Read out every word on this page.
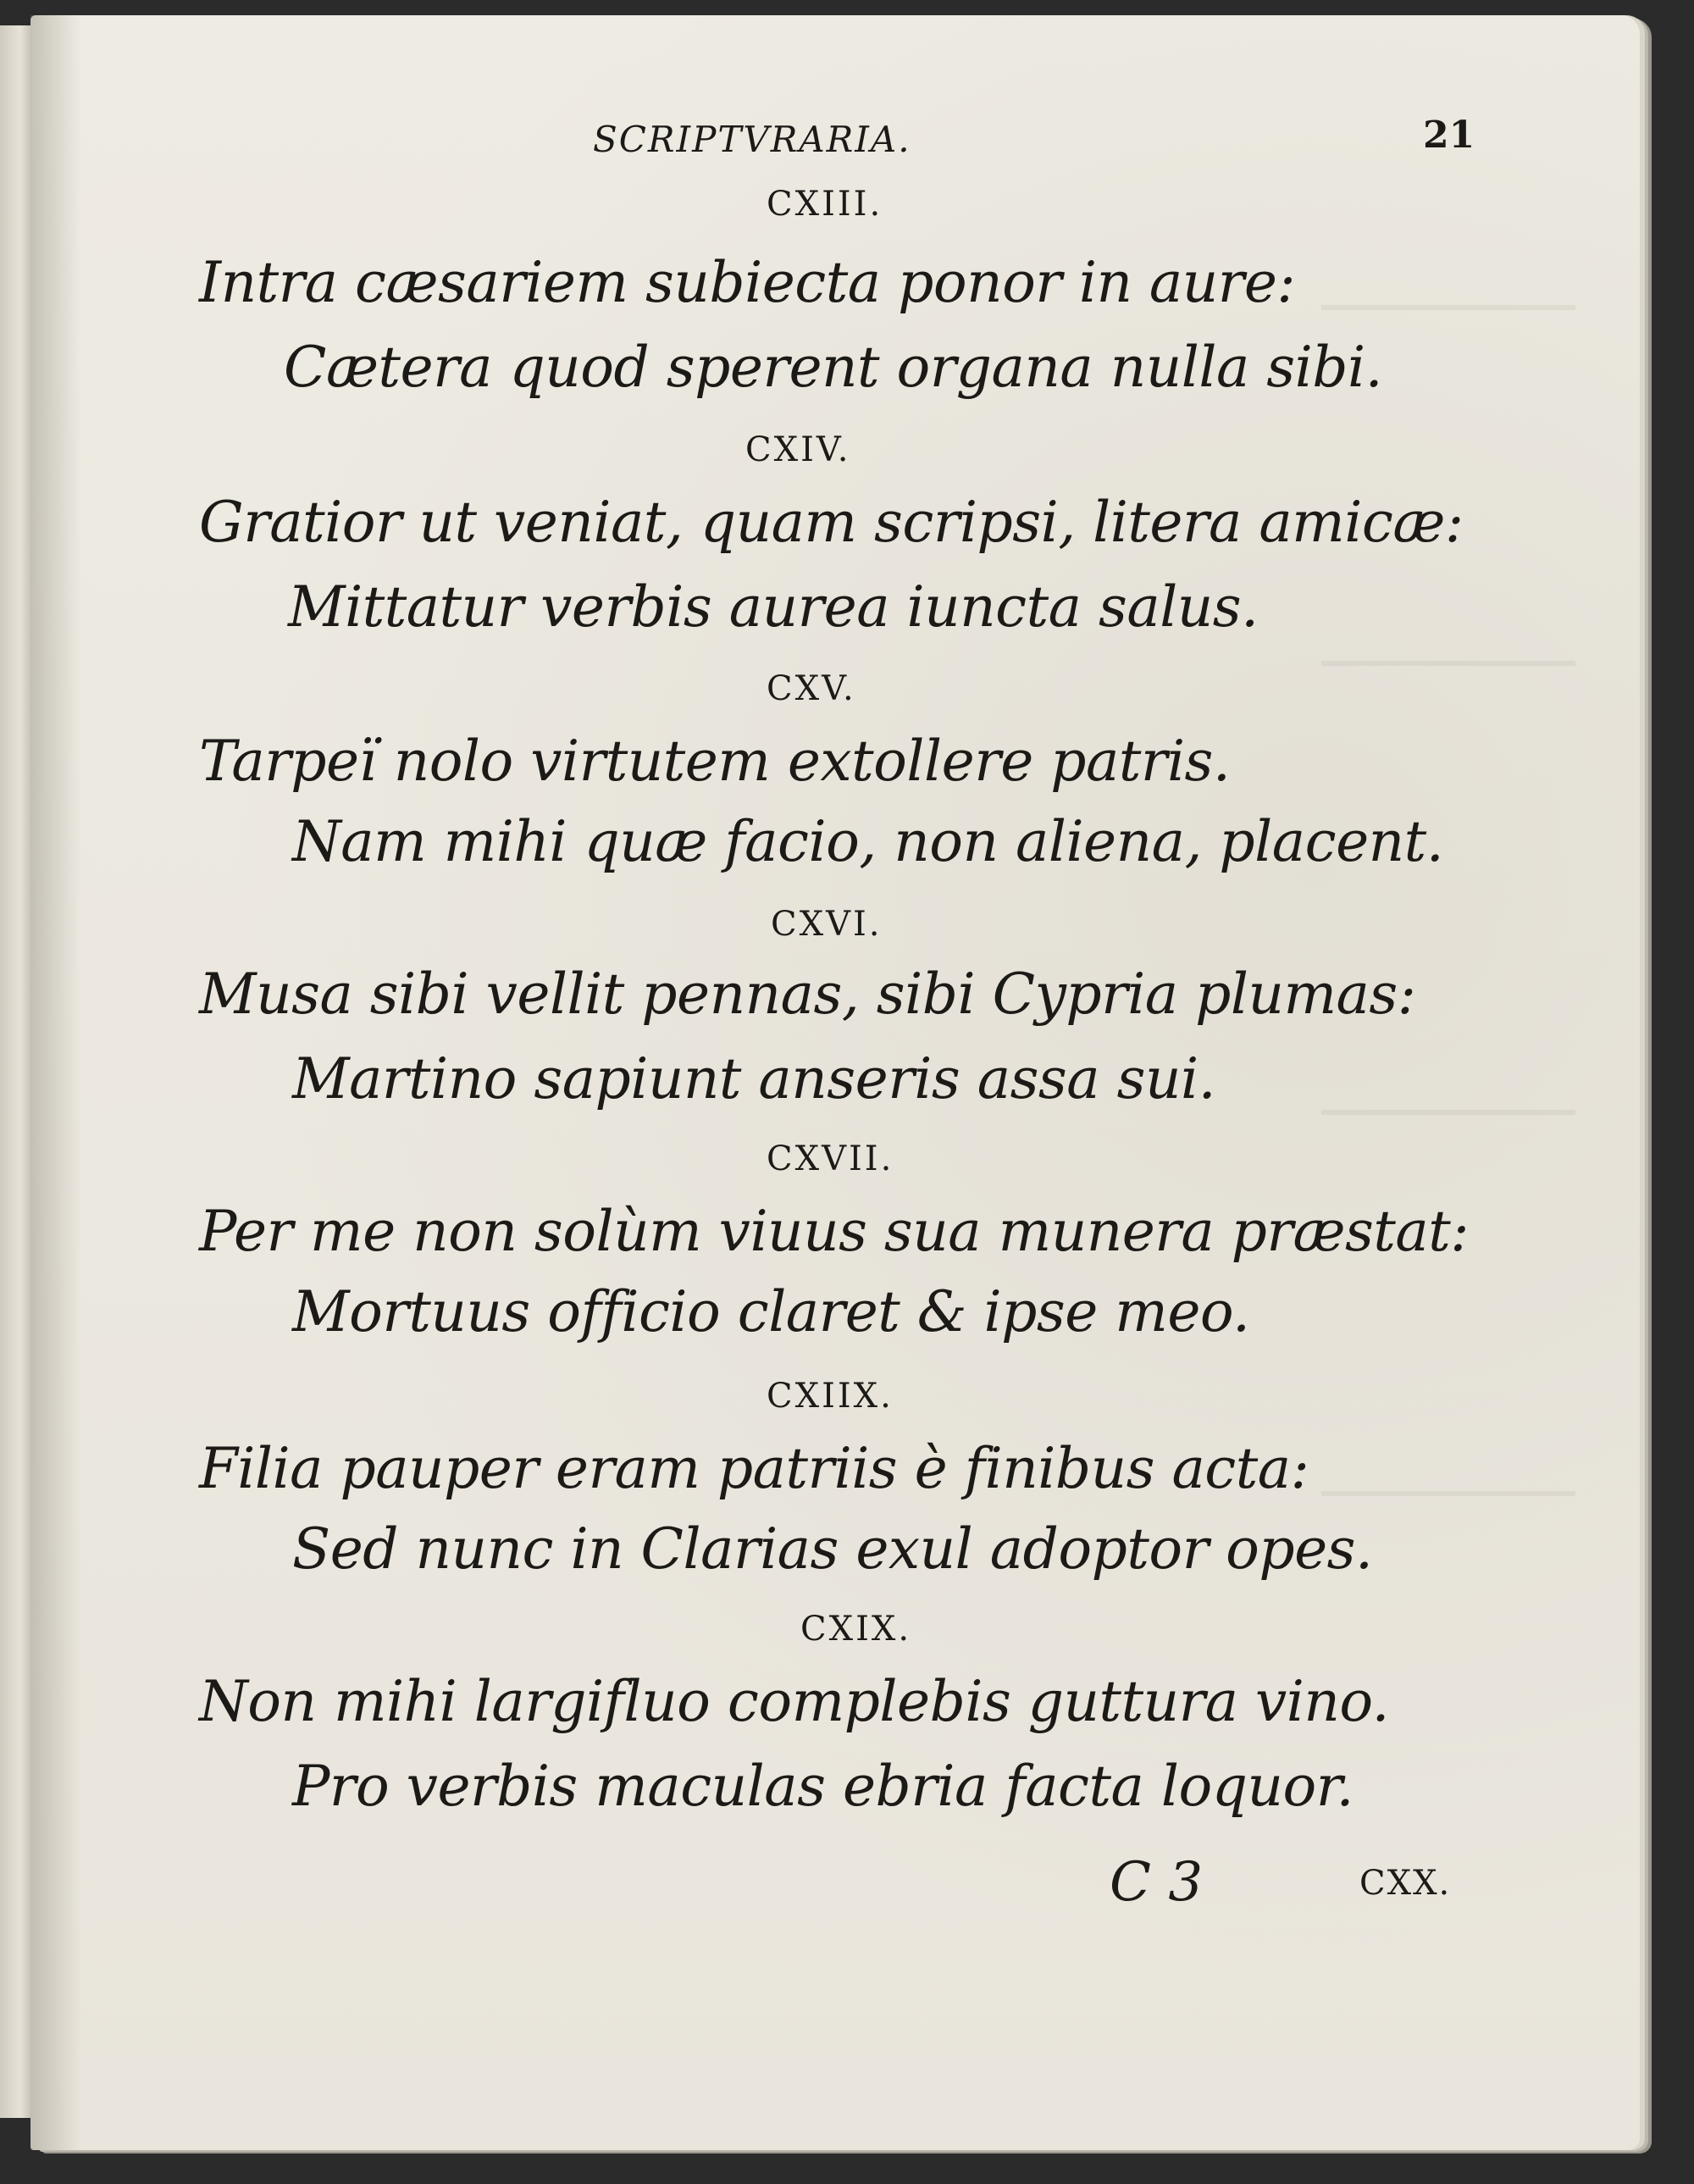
SCRIPTVRARIA.	21
CXIII.
Intra cæsariem subiecta ponor in aure:
Cætera quod sperent organa nulla sibi.
CXIV.
Gratior ut veniat, quam scripsi, litera amicæ:
Mittatur verbis aurea iuncta salus.
CXV.
Tarpeï nolo virtutem extollere patris.
Nam mihi quæ facio, non aliena, placent.
CXVI.
Musa sibi vellit pennas, sibi Cypria plumas:
Martino sapiunt anseris assa sui.
CXVII.
Per me non solùm viuus sua munera præstat:
Mortuus officio claret & ipse meo.
CXIIX.
Filia pauper eram patriis è finibus acta:
Sed nunc in Clarias exul adoptor opes.
CXIX.
Non mihi largifluo complebis guttura vino.
Pro verbis maculas ebria facta loquor.
C 3	CXX.
